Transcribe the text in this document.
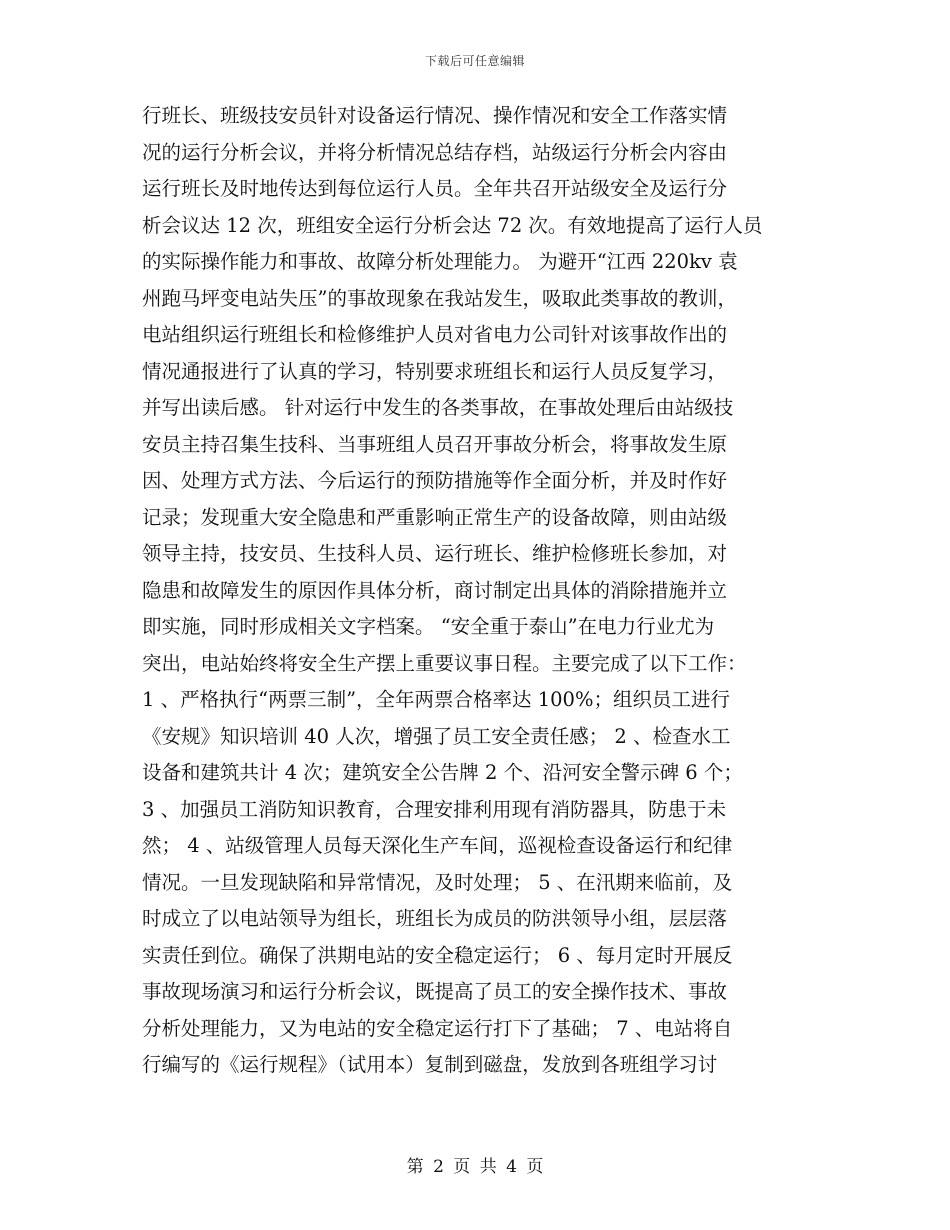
下载后可任意编辑
行班长、班级技安员针对设备运行情况、操作情况和安全工作落实情
况的运行分析会议，并将分析情况总结存档，站级运行分析会内容由
运行班长及时地传达到每位运行人员。全年共召开站级安全及运行分
析会议达 12 次，班组安全运行分析会达 72 次。有效地提高了运行人员
的实际操作能力和事故、故障分析处理能力。 为避开“江西 220kv 袁
州跑马坪变电站失压”的事故现象在我站发生，吸取此类事故的教训，
电站组织运行班组长和检修维护人员对省电力公司针对该事故作出的
情况通报进行了认真的学习，特别要求班组长和运行人员反复学习，
并写出读后感。 针对运行中发生的各类事故，在事故处理后由站级技
安员主持召集生技科、当事班组人员召开事故分析会，将事故发生原
因、处理方式方法、今后运行的预防措施等作全面分析，并及时作好
记录；发现重大安全隐患和严重影响正常生产的设备故障，则由站级
领导主持，技安员、生技科人员、运行班长、维护检修班长参加，对
隐患和故障发生的原因作具体分析，商讨制定出具体的消除措施并立
即实施，同时形成相关文字档案。 “安全重于泰山”在电力行业尤为
突出，电站始终将安全生产摆上重要议事日程。主要完成了以下工作：
1 、严格执行“两票三制”，全年两票合格率达 100%；组织员工进行
《安规》知识培训 40 人次，增强了员工安全责任感； 2 、检查水工
设备和建筑共计 4 次；建筑安全公告牌 2 个、沿河安全警示碑 6 个；
3 、加强员工消防知识教育，合理安排利用现有消防器具，防患于未
然； 4 、站级管理人员每天深化生产车间，巡视检查设备运行和纪律
情况。一旦发现缺陷和异常情况，及时处理； 5 、在汛期来临前，及
时成立了以电站领导为组长，班组长为成员的防洪领导小组，层层落
实责任到位。确保了洪期电站的安全稳定运行； 6 、每月定时开展反
事故现场演习和运行分析会议，既提高了员工的安全操作技术、事故
分析处理能力，又为电站的安全稳定运行打下了基础； 7 、电站将自
行编写的《运行规程》（试用本）复制到磁盘，发放到各班组学习讨
第 2 页 共 4 页
